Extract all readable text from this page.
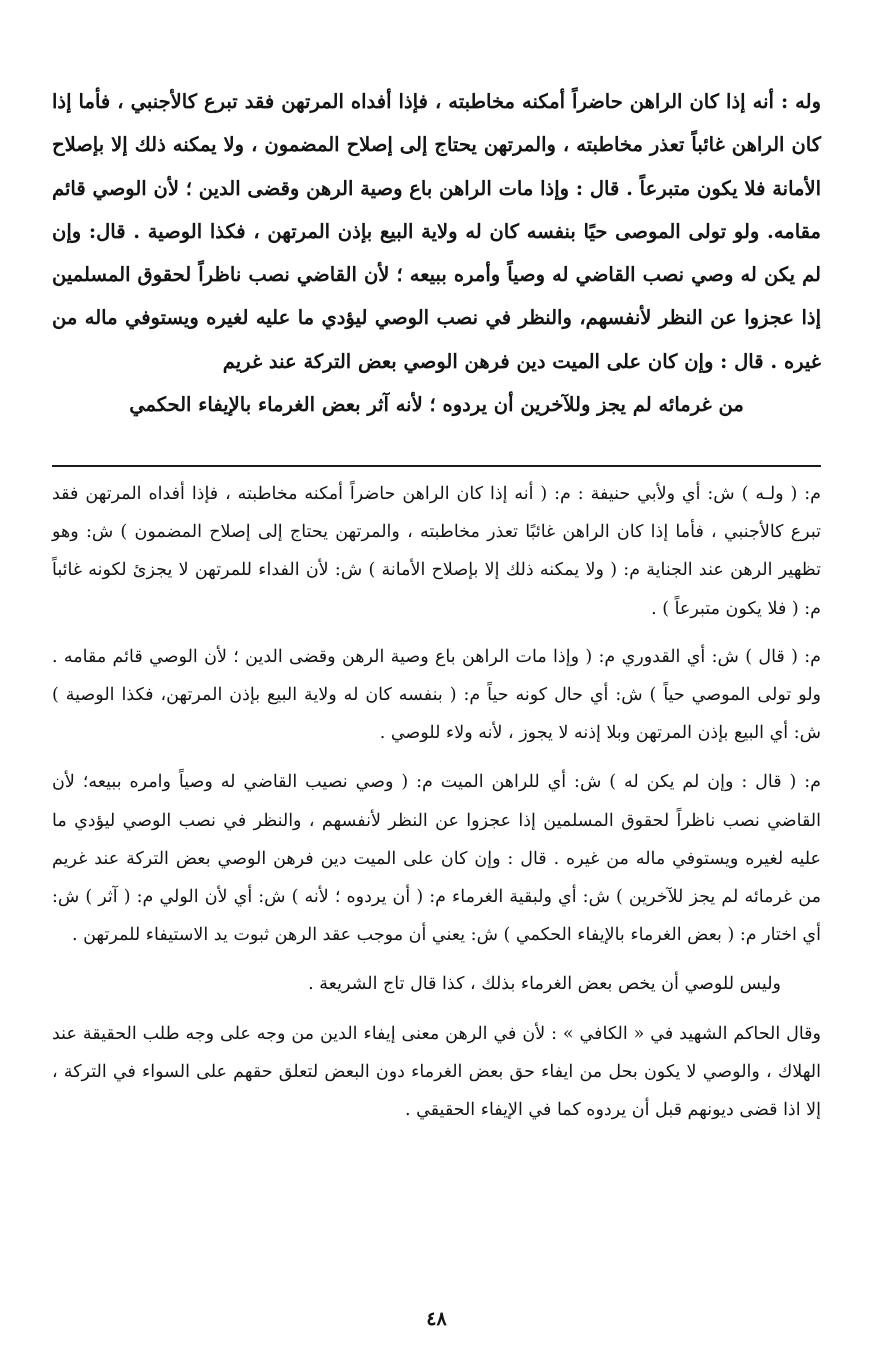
وله : أنه إذا كان الراهن حاضراً أمكنه مخاطبته ، فإذا أفداه المرتهن فقد تبرع كالأجنبي ، فأما إذا كان الراهن غائباً تعذر مخاطبته ، والمرتهن يحتاج إلى إصلاح المضمون ، ولا يمكنه ذلك إلا بإصلاح الأمانة فلا يكون متبرعاً . قال : وإذا مات الراهن باع وصية الرهن وقضى الدين ؛ لأن الوصي قائم مقامه. ولو تولى الموصى حيًا بنفسه كان له ولاية البيع بإذن المرتهن ، فكذا الوصية . قال: وإن لم يكن له وصي نصب القاضي له وصياً وأمره ببيعه ؛ لأن القاضي نصب ناظراً لحقوق المسلمين إذا عجزوا عن النظر لأنفسهم، والنظر في نصب الوصي ليؤدي ما عليه لغيره ويستوفي ماله من غيره . قال : وإن كان على الميت دين فرهن الوصي بعض التركة عند غريم

من غرمائه لم يجز وللآخرين أن يردوه ؛ لأنه آثر بعض الغرماء بالإيفاء الحكمي

م: ( ولـه ) ش: أي ولأبي حنيفة : م: ( أنه إذا كان الراهن حاضراً أمكنه مخاطبته ، فإذا أفداه المرتهن فقد تبرع كالأجنبي ، فأما إذا كان الراهن غائبًا تعذر مخاطبته ، والمرتهن يحتاج إلى إصلاح المضمون ) ش: وهو تظهير الرهن عند الجناية م: ( ولا يمكنه ذلك إلا بإصلاح الأمانة ) ش: لأن الفداء للمرتهن لا يجزئ لكونه غائباً م: ( فلا يكون متبرعاً ) .

م: ( قال ) ش: أي القدوري م: ( وإذا مات الراهن باع وصية الرهن وقضى الدين ؛ لأن الوصي قائم مقامه . ولو تولى الموصي حياً ) ش: أي حال كونه حياً م: ( بنفسه كان له ولاية البيع بإذن المرتهن، فكذا الوصية ) ش: أي البيع بإذن المرتهن وبلا إذنه لا يجوز ، لأنه ولاء للوصي .

م: ( قال : وإن لم يكن له ) ش: أي للراهن الميت م: ( وصي نصيب القاضي له وصياً وامره ببيعه؛ لأن القاضي نصب ناظراً لحقوق المسلمين إذا عجزوا عن النظر لأنفسهم ، والنظر في نصب الوصي ليؤدي ما عليه لغيره ويستوفي ماله من غيره . قال : وإن كان على الميت دين فرهن الوصي بعض التركة عند غريم من غرمائه لم يجز للآخرين ) ش: أي ولبقية الغرماء م: ( أن يردوه ؛ لأنه ) ش: أي لأن الولي م: ( آثر ) ش: أي اختار م: ( بعض الغرماء بالإيفاء الحكمي ) ش: يعني أن موجب عقد الرهن ثبوت يد الاستيفاء للمرتهن .

وليس للوصي أن يخص بعض الغرماء بذلك ، كذا قال تاج الشريعة .

وقال الحاكم الشهيد في « الكافي » : لأن في الرهن معنى إيفاء الدين من وجه على وجه طلب الحقيقة عند الهلاك ، والوصي لا يكون بحل من ايفاء حق بعض الغرماء دون البعض لتعلق حقهم على السواء في التركة ، إلا اذا قضى ديونهم قبل أن يردوه كما في الإيفاء الحقيقي .

٤٨
